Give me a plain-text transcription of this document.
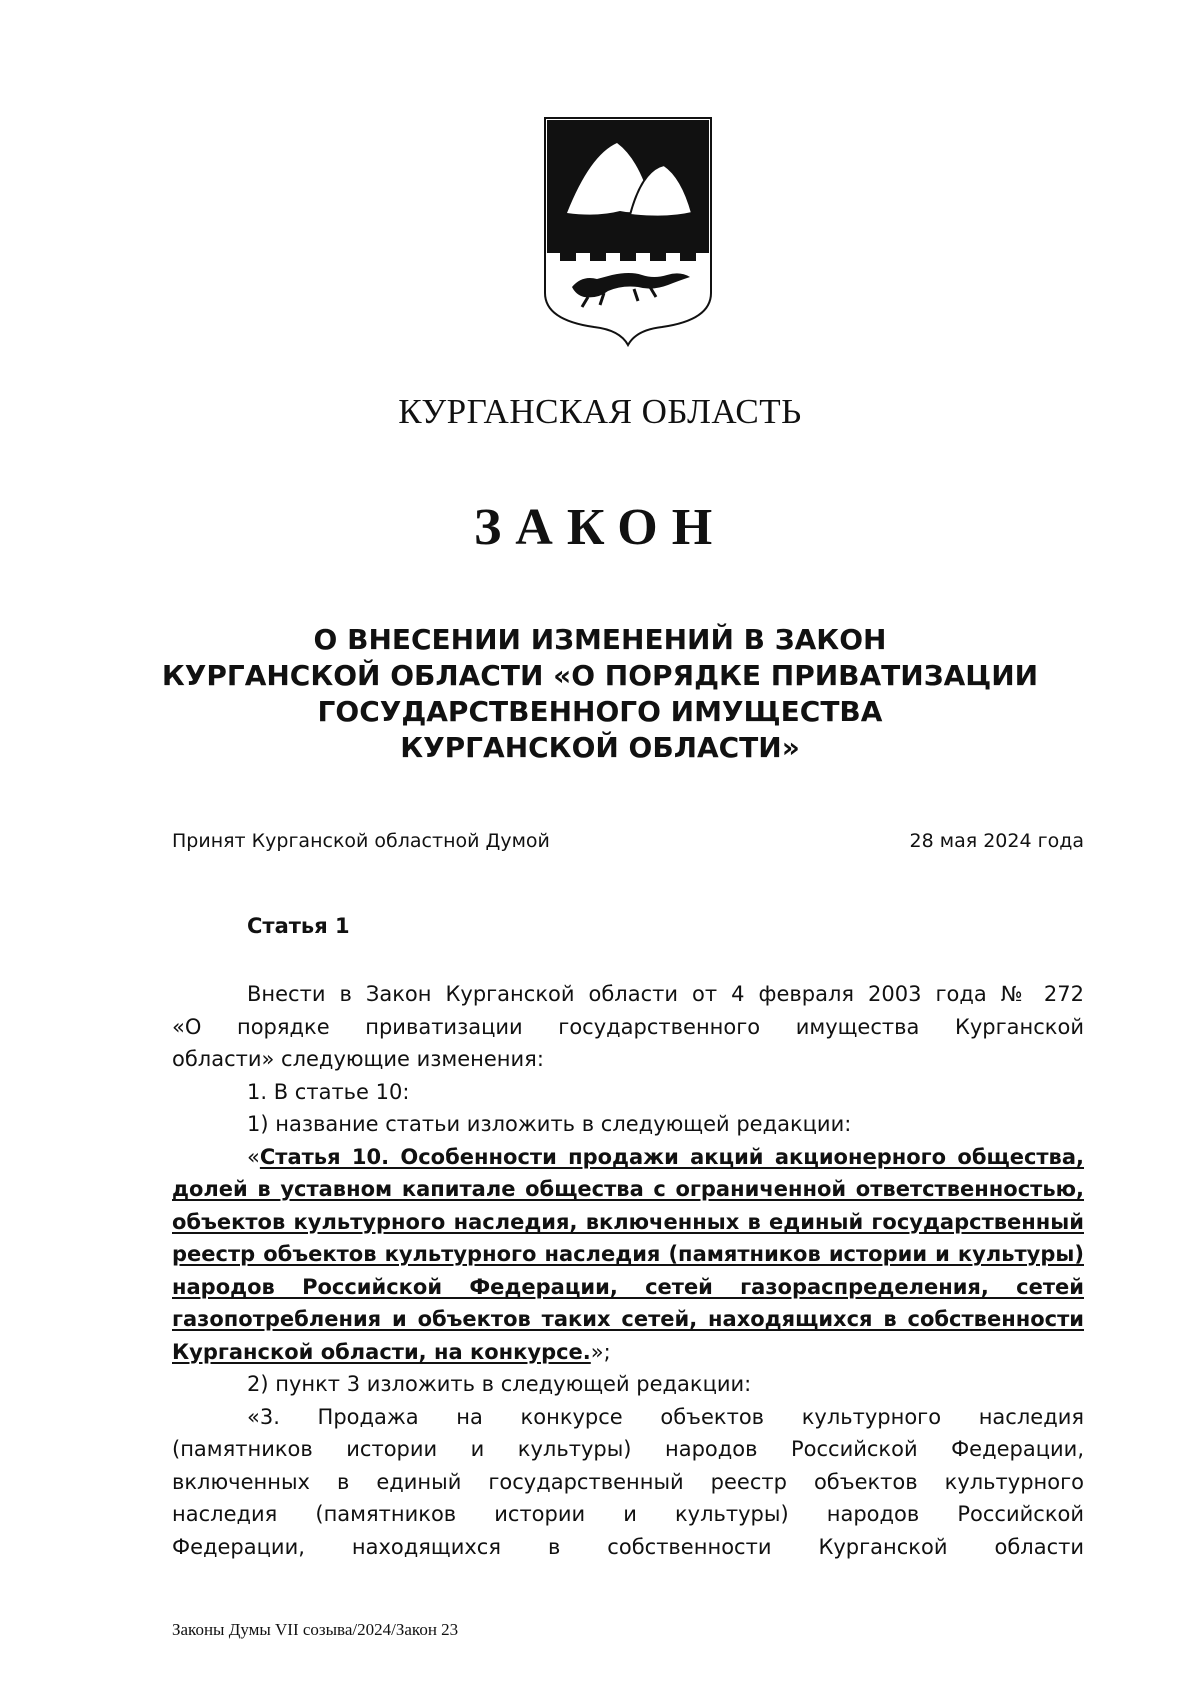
КУРГАНСКАЯ ОБЛАСТЬ
ЗАКОН
О ВНЕСЕНИИ ИЗМЕНЕНИЙ В ЗАКОН
КУРГАНСКОЙ ОБЛАСТИ «О ПОРЯДКЕ ПРИВАТИЗАЦИИ
ГОСУДАРСТВЕННОГО ИМУЩЕСТВА
КУРГАНСКОЙ ОБЛАСТИ»
Принят Курганской областной Думой	28 мая 2024 года
Статья 1
Внести в Закон Курганской области от 4 февраля 2003 года № 272
«О порядке приватизации государственного имущества Курганской
области» следующие изменения:

1. В статье 10:

1) название статьи изложить в следующей редакции:

«Статья 10. Особенности продажи акций акционерного общества,
долей в уставном капитале общества с ограниченной ответственностью,
объектов культурного наследия, включенных в единый государственный
реестр объектов культурного наследия (памятников истории и культуры)
народов Российской Федерации, сетей газораспределения, сетей
газопотребления и объектов таких сетей, находящихся в собственности
Курганской области, на конкурсе.»;

2) пункт 3 изложить в следующей редакции:

«3. Продажа на конкурсе объектов культурного наследия
(памятников истории и культуры) народов Российской Федерации,
включенных в единый государственный реестр объектов культурного
наследия (памятников истории и культуры) народов Российской
Федерации, находящихся в собственности Курганской области
Законы Думы VII созыва/2024/Закон 23
